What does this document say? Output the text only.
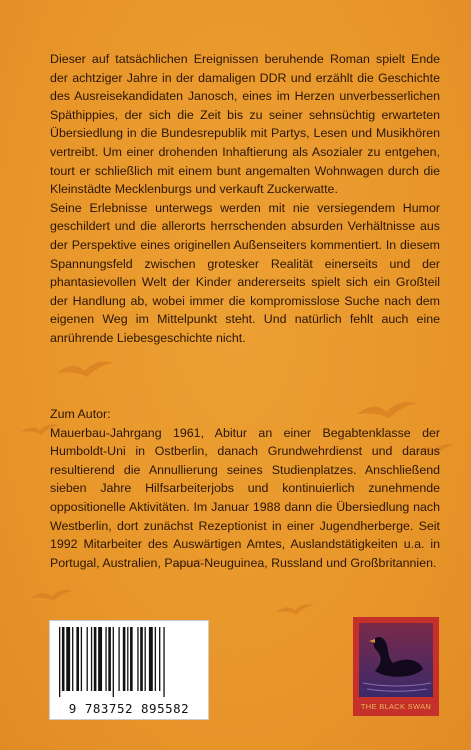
Dieser auf tatsächlichen Ereignissen beruhende Roman spielt Ende der achtziger Jahre in der damaligen DDR und erzählt die Geschichte des Ausreisekandidaten Janosch, eines im Herzen unverbesserlichen Späthippies, der sich die Zeit bis zu seiner sehnsüchtig erwarteten Übersiedlung in die Bundesrepublik mit Partys, Lesen und Musikhören vertreibt. Um einer drohenden Inhaftierung als Asozialer zu entgehen, tourt er schließlich mit einem bunt angemalten Wohnwagen durch die Kleinstädte Mecklenburgs und verkauft Zuckerwatte.

Seine Erlebnisse unterwegs werden mit nie versiegendem Humor geschildert und die allerorts herrschenden absurden Verhältnisse aus der Perspektive eines originellen Außenseiters kommentiert. In diesem Spannungsfeld zwischen grotesker Realität einerseits und der phantasievollen Welt der Kinder andererseits spielt sich ein Großteil der Handlung ab, wobei immer die kompromisslose Suche nach dem eigenen Weg im Mittelpunkt steht. Und natürlich fehlt auch eine anrührende Liebesgeschichte nicht.

Zum Autor:

Mauerbau-Jahrgang 1961, Abitur an einer Begabtenklasse der Humboldt-Uni in Ostberlin, danach Grundwehrdienst und daraus resultierend die Annullierung seines Studienplatzes. Anschließend sieben Jahre Hilfsarbeiterjobs und kontinuierlich zunehmende oppositionelle Aktivitäten. Im Januar 1988 dann die Übersiedlung nach Westberlin, dort zunächst Rezeptionist in einer Jugendherberge. Seit 1992 Mitarbeiter des Auswärtigen Amtes, Auslandstätigkeiten u.a. in Portugal, Australien, Papua-Neuguinea, Russland und Großbritannien.

9 783752 895582	THE BLACK SWAN
